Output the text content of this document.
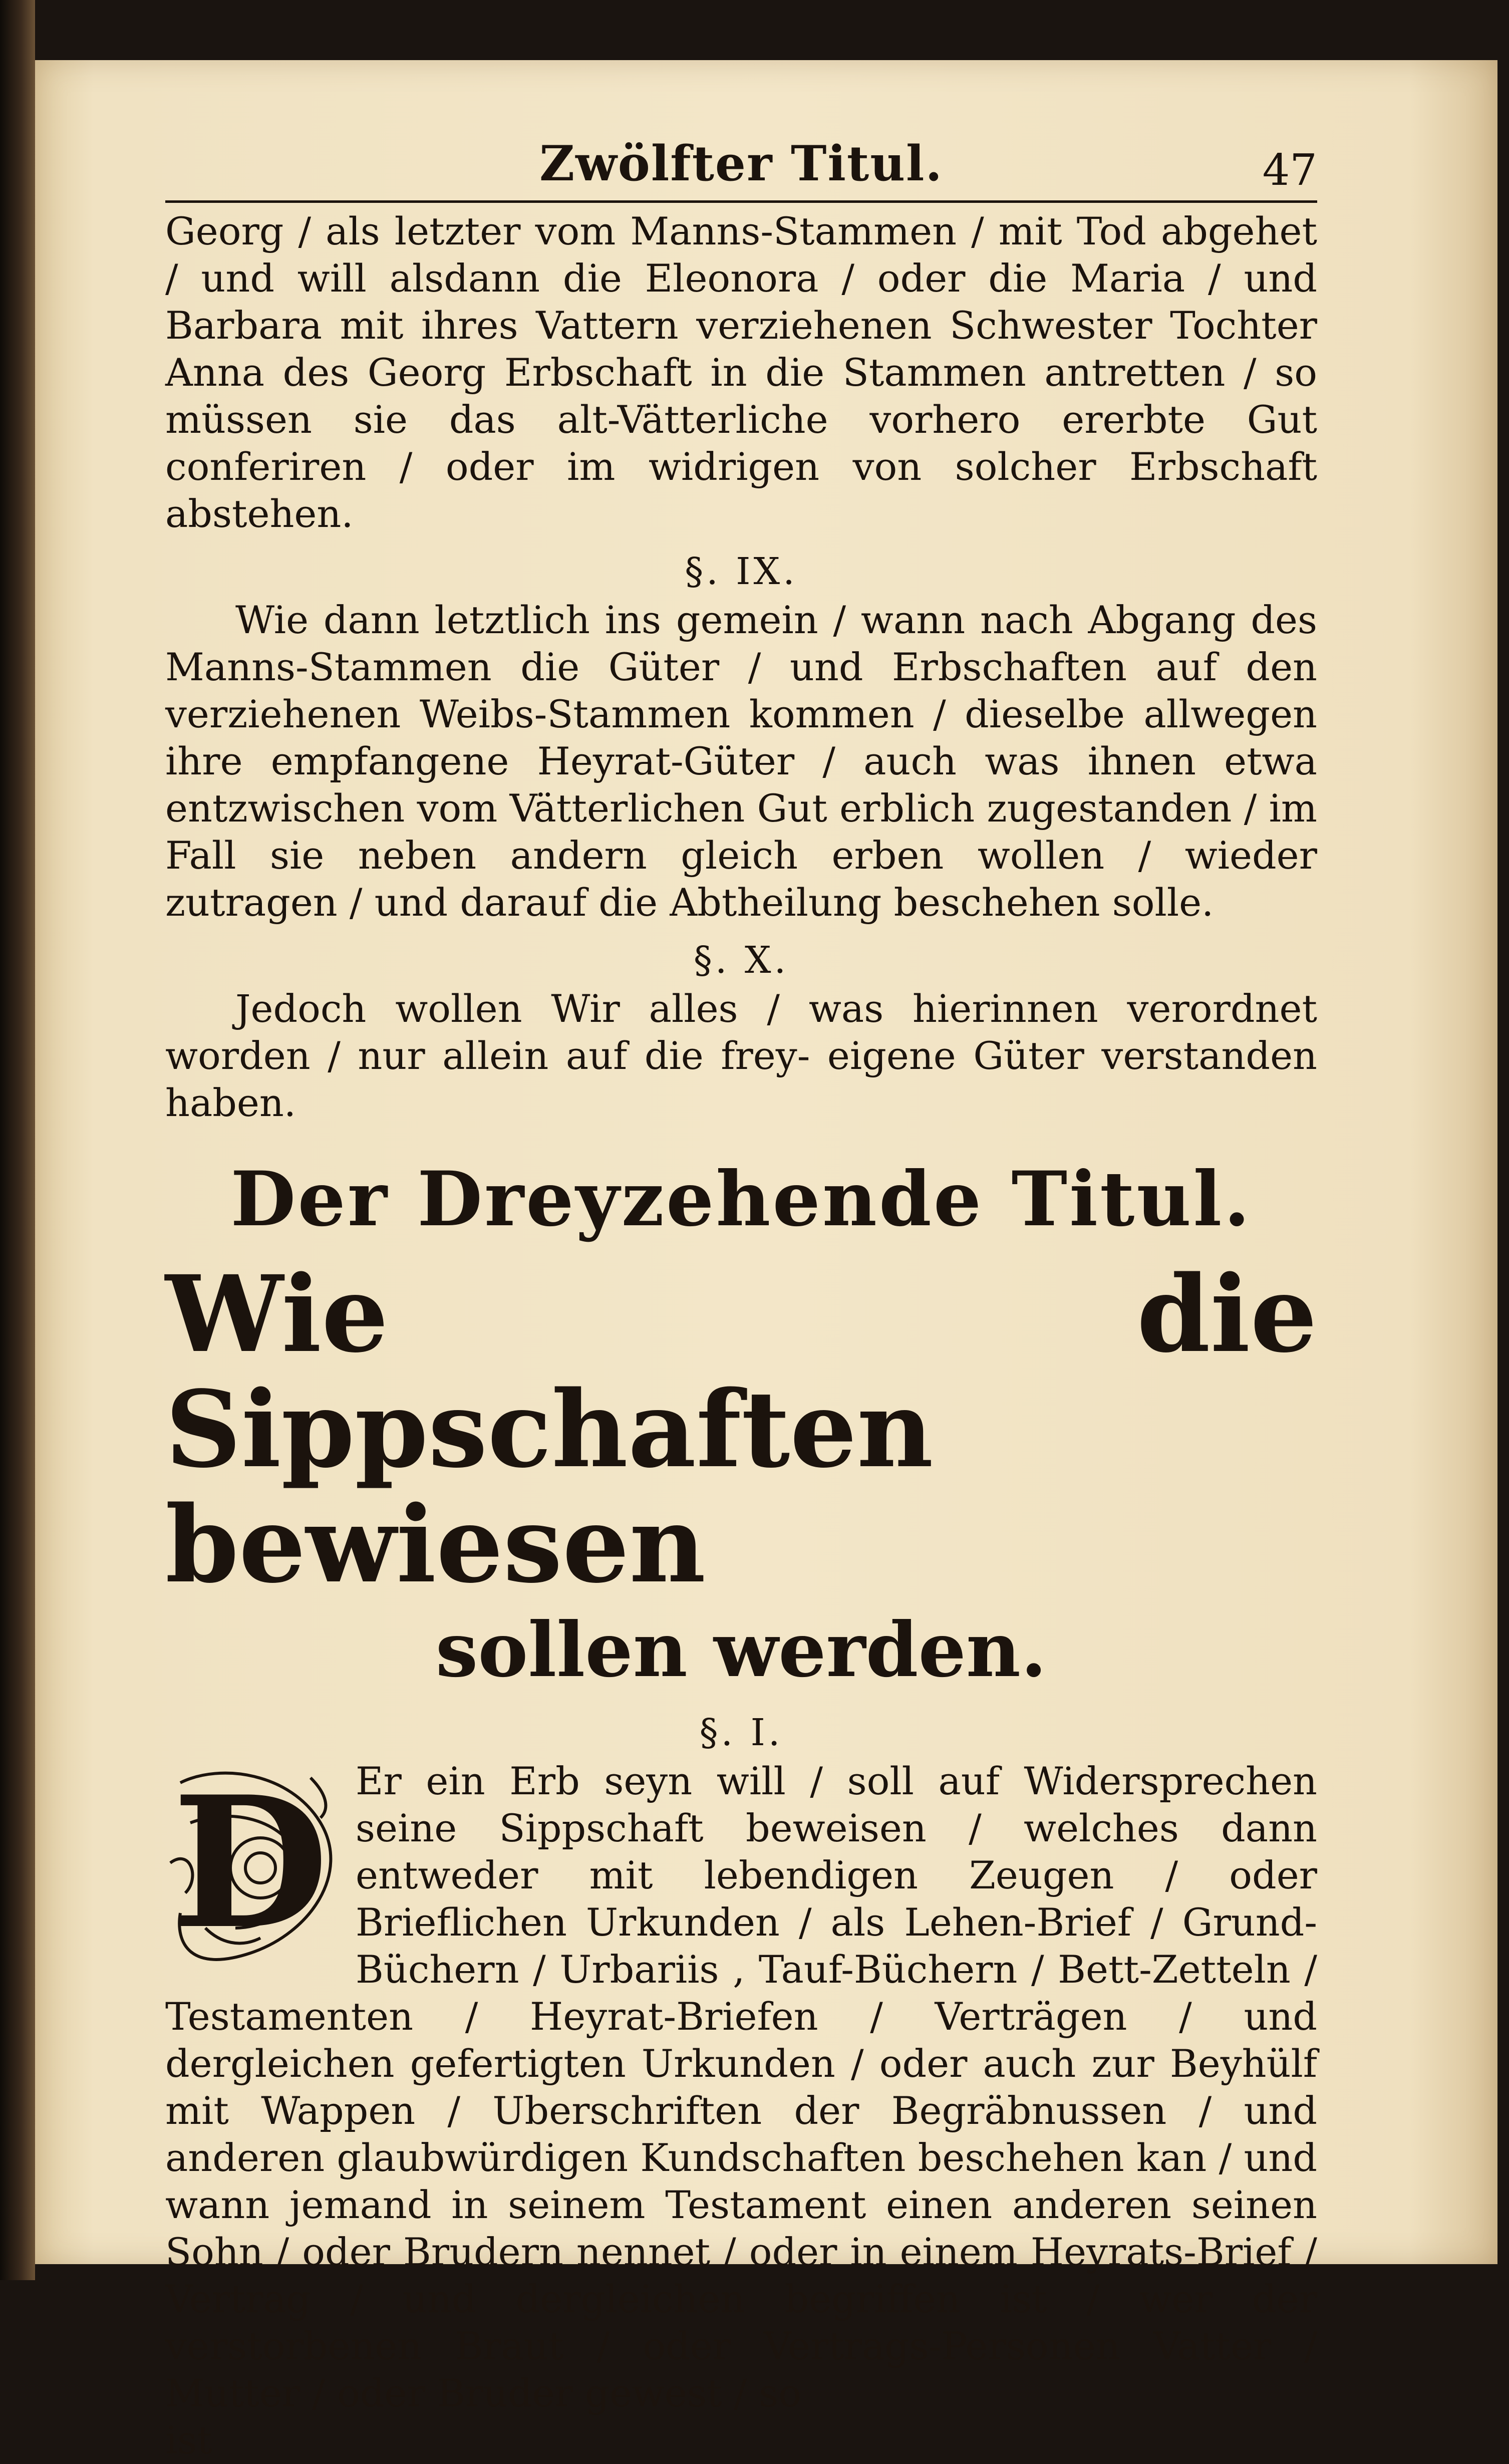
Zwölfter Titul.	47

Georg / als letzter vom Manns-Stammen / mit Tod abgehet / und will alsdann die Eleonora / oder die Maria / und Barbara mit ihres Vattern verziehenen Schwester Tochter Anna des Georg Erbschaft in die Stammen antretten / so müssen sie das alt-Vätterliche vorhero ererbte Gut conferiren / oder im widrigen von solcher Erbschaft abstehen.

§. IX.

Wie dann letztlich ins gemein / wann nach Abgang des Manns-Stammen die Güter / und Erbschaften auf den verziehenen Weibs-Stammen kommen / dieselbe allwegen ihre empfangene Heyrat-Güter / auch was ihnen etwa entzwischen vom Vätterlichen Gut erblich zugestanden / im Fall sie neben andern gleich erben wollen / wieder zutragen / und darauf die Abtheilung beschehen solle.

§. X.

Jedoch wollen Wir alles / was hierinnen verordnet worden / nur allein auf die frey- eigene Güter verstanden haben.

Der Dreyzehende Titul.
Wie die Sippschaften bewiesen
sollen werden.
§. I.
D Er ein Erb seyn will / soll auf Widersprechen seine Sippschaft beweisen / welches dann entweder mit lebendigen Zeugen / oder Brieflichen Urkunden / als Lehen-Brief / Grund-Büchern / Urbariis , Tauf-Büchern / Bett-Zetteln / Testamenten / Heyrat-Briefen / Verträgen / und dergleichen gefertigten Urkunden / oder auch zur Beyhülf mit Wappen / Uberschriften der Begräbnussen / und anderen glaubwürdigen Kundschaften beschehen kan / und wann jemand in seinem Testament einen anderen seinen Sohn / oder Brudern nennet / oder in einem Heyrats-Brief / Vertrag / und dergleichen begriffen ist / wer der verstorbenen Braut / oder Vertrags-Personen Vatter / Mutter / oder Bruder gewest / so

ist
